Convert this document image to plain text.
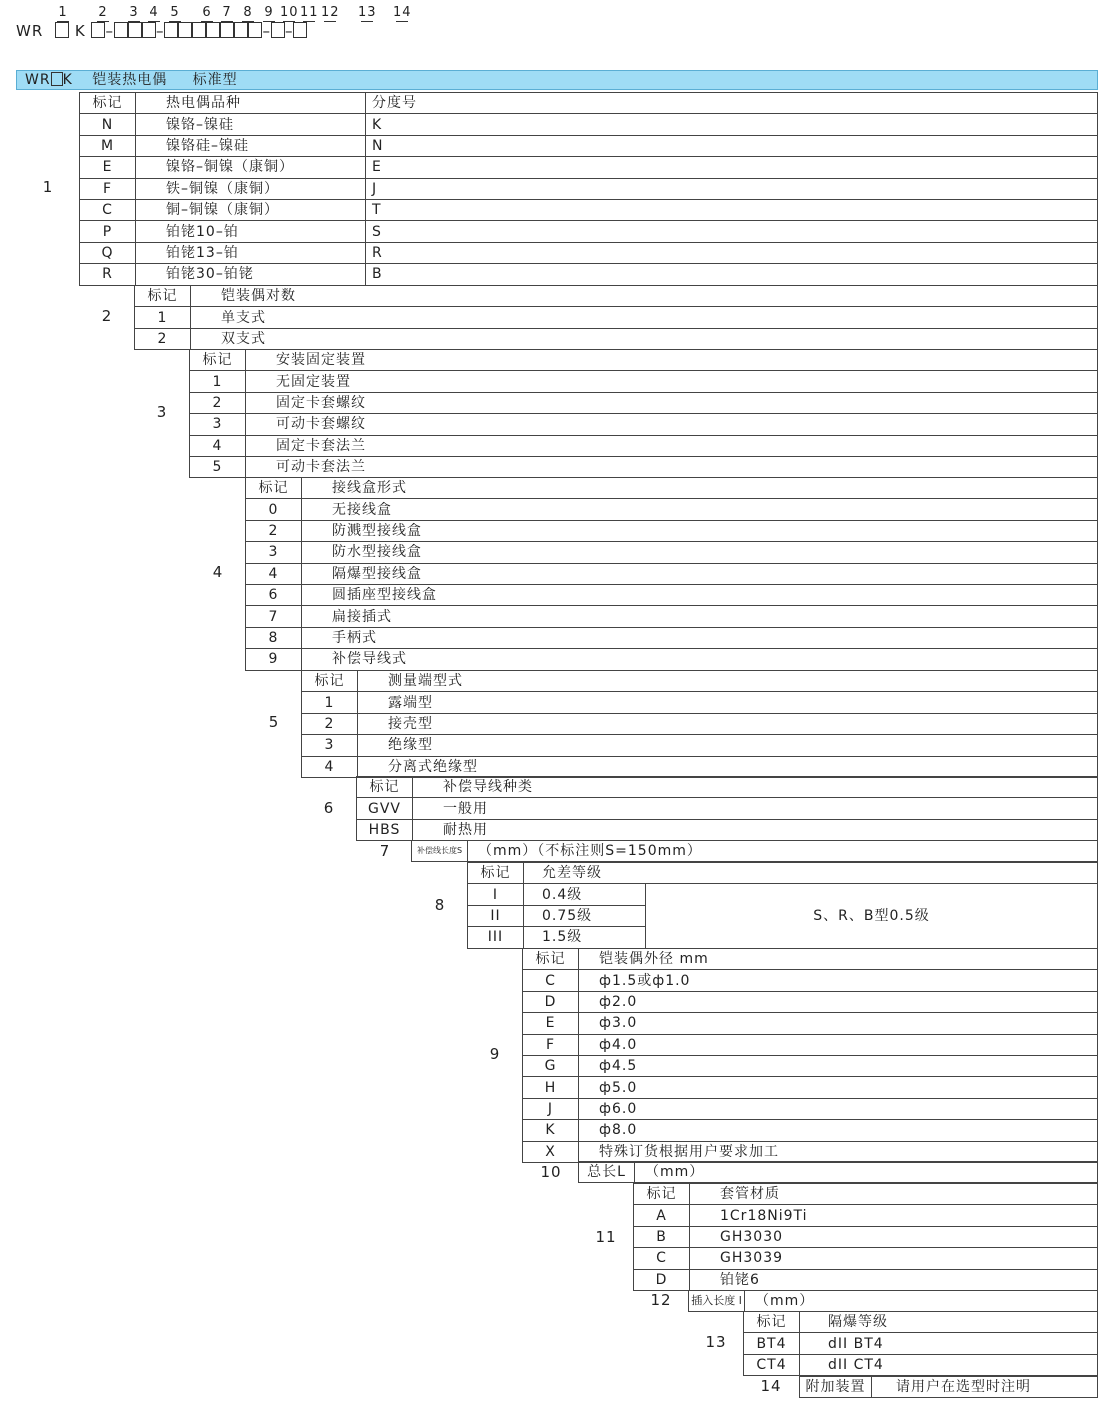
1	2	3 4 5	6 7 8 9 10 11 12 13 14
WR K –	–	– –
WR K 铠装热电偶 标准型
1
标记	热电偶品种	分度号
N	镍铬–镍硅	K
M	镍铬硅–镍硅	N
E	镍铬–铜镍（康铜）	E
F	铁–铜镍（康铜）	J
C	铜–铜镍（康铜）	T
P	铂铑10–铂	S
Q	铂铑13–铂	R
R	铂铑30–铂铑	B
2
标记	铠装偶对数
1	单支式
2	双支式
3
标记	安装固定装置
1	无固定装置
2	固定卡套螺纹
3	可动卡套螺纹
4	固定卡套法兰
5	可动卡套法兰
4
标记	接线盒形式
0	无接线盒
2	防溅型接线盒
3	防水型接线盒
4	隔爆型接线盒
6	圆插座型接线盒
7	扁接插式
8	手柄式
9	补偿导线式
5
标记	测量端型式
1	露端型
2	接壳型
3	绝缘型
4	分离式绝缘型
6
标记	补偿导线种类
GVV	一般用
HBS	耐热用
7	补偿线长度S	（mm）（不标注则S=150mm）
8
标记	允差等级	
I	0.4级	S、R、B型0.5级
II	0.75级	
III	1.5级	
9
标记	铠装偶外径 mm
C	ф1.5或ф1.0
D	ф2.0
E	ф3.0
F	ф4.0
G	ф4.5
H	ф5.0
J	ф6.0
K	ф8.0
X	特殊订货根据用户要求加工
10	总长L	（mm）
11
标记	套管材质
A	1Cr18Ni9Ti
B	GH3030
C	GH3039
D	铂铑6
12	插入长度 l	（mm）
13
标记	隔爆等级
BT4	dII BT4
CT4	dII CT4
14	附加装置	请用户在选型时注明
